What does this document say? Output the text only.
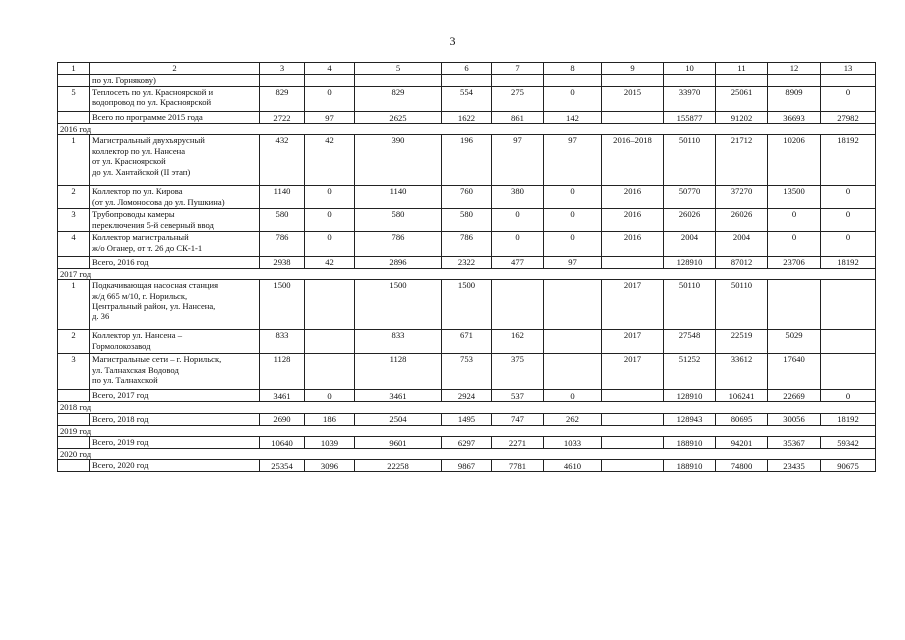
3
1	2	3	4	5	6	7	8	9	10	11	12	13
	по ул. Горнякову)											
5	Теплосеть по ул. Красноярской и
водопровод по ул. Красноярской	829	0	829	554	275	0	2015	33970	25061	8909	0
	Всего по программе 2015 года	2722	97	2625	1622	861	142		155877	91202	36693	27982
2016 год												
1	Магистральный двухъярусный
коллектор по ул. Нансена
от ул. Красноярской
до ул. Хантайской (II этап)	432	42	390	196	97	97	2016–2018	50110	21712	10206	18192
2	Коллектор по ул. Кирова
(от ул. Ломоносова до ул. Пушкина)	1140	0	1140	760	380	0	2016	50770	37270	13500	0
3	Трубопроводы камеры
переключения 5-й северный ввод	580	0	580	580	0	0	2016	26026	26026	0	0
4	Коллектор магистральный
ж/о Оганер, от т. 26 до СК-1-1	786	0	786	786	0	0	2016	2004	2004	0	0
	Всего, 2016 год	2938	42	2896	2322	477	97		128910	87012	23706	18192
2017 год												
1	Подкачивающая насосная станция
ж/д 665 м/10, г. Норильск,
Центральный район, ул. Нансена,
д. 36	1500		1500	1500			2017	50110	50110		
2	Коллектор ул. Нансена –
Гормолокозавод	833		833	671	162		2017	27548	22519	5029	
3	Магистральные сети – г. Норильск,
ул. Талнахская Водовод
по ул. Талнахской	1128		1128	753	375		2017	51252	33612	17640	
	Всего, 2017 год	3461	0	3461	2924	537	0		128910	106241	22669	0
2018 год												
	Всего, 2018 год	2690	186	2504	1495	747	262		128943	80695	30056	18192
2019 год												
	Всего, 2019 год	10640	1039	9601	6297	2271	1033		188910	94201	35367	59342
2020 год												
	Всего, 2020 год	25354	3096	22258	9867	7781	4610		188910	74800	23435	90675
